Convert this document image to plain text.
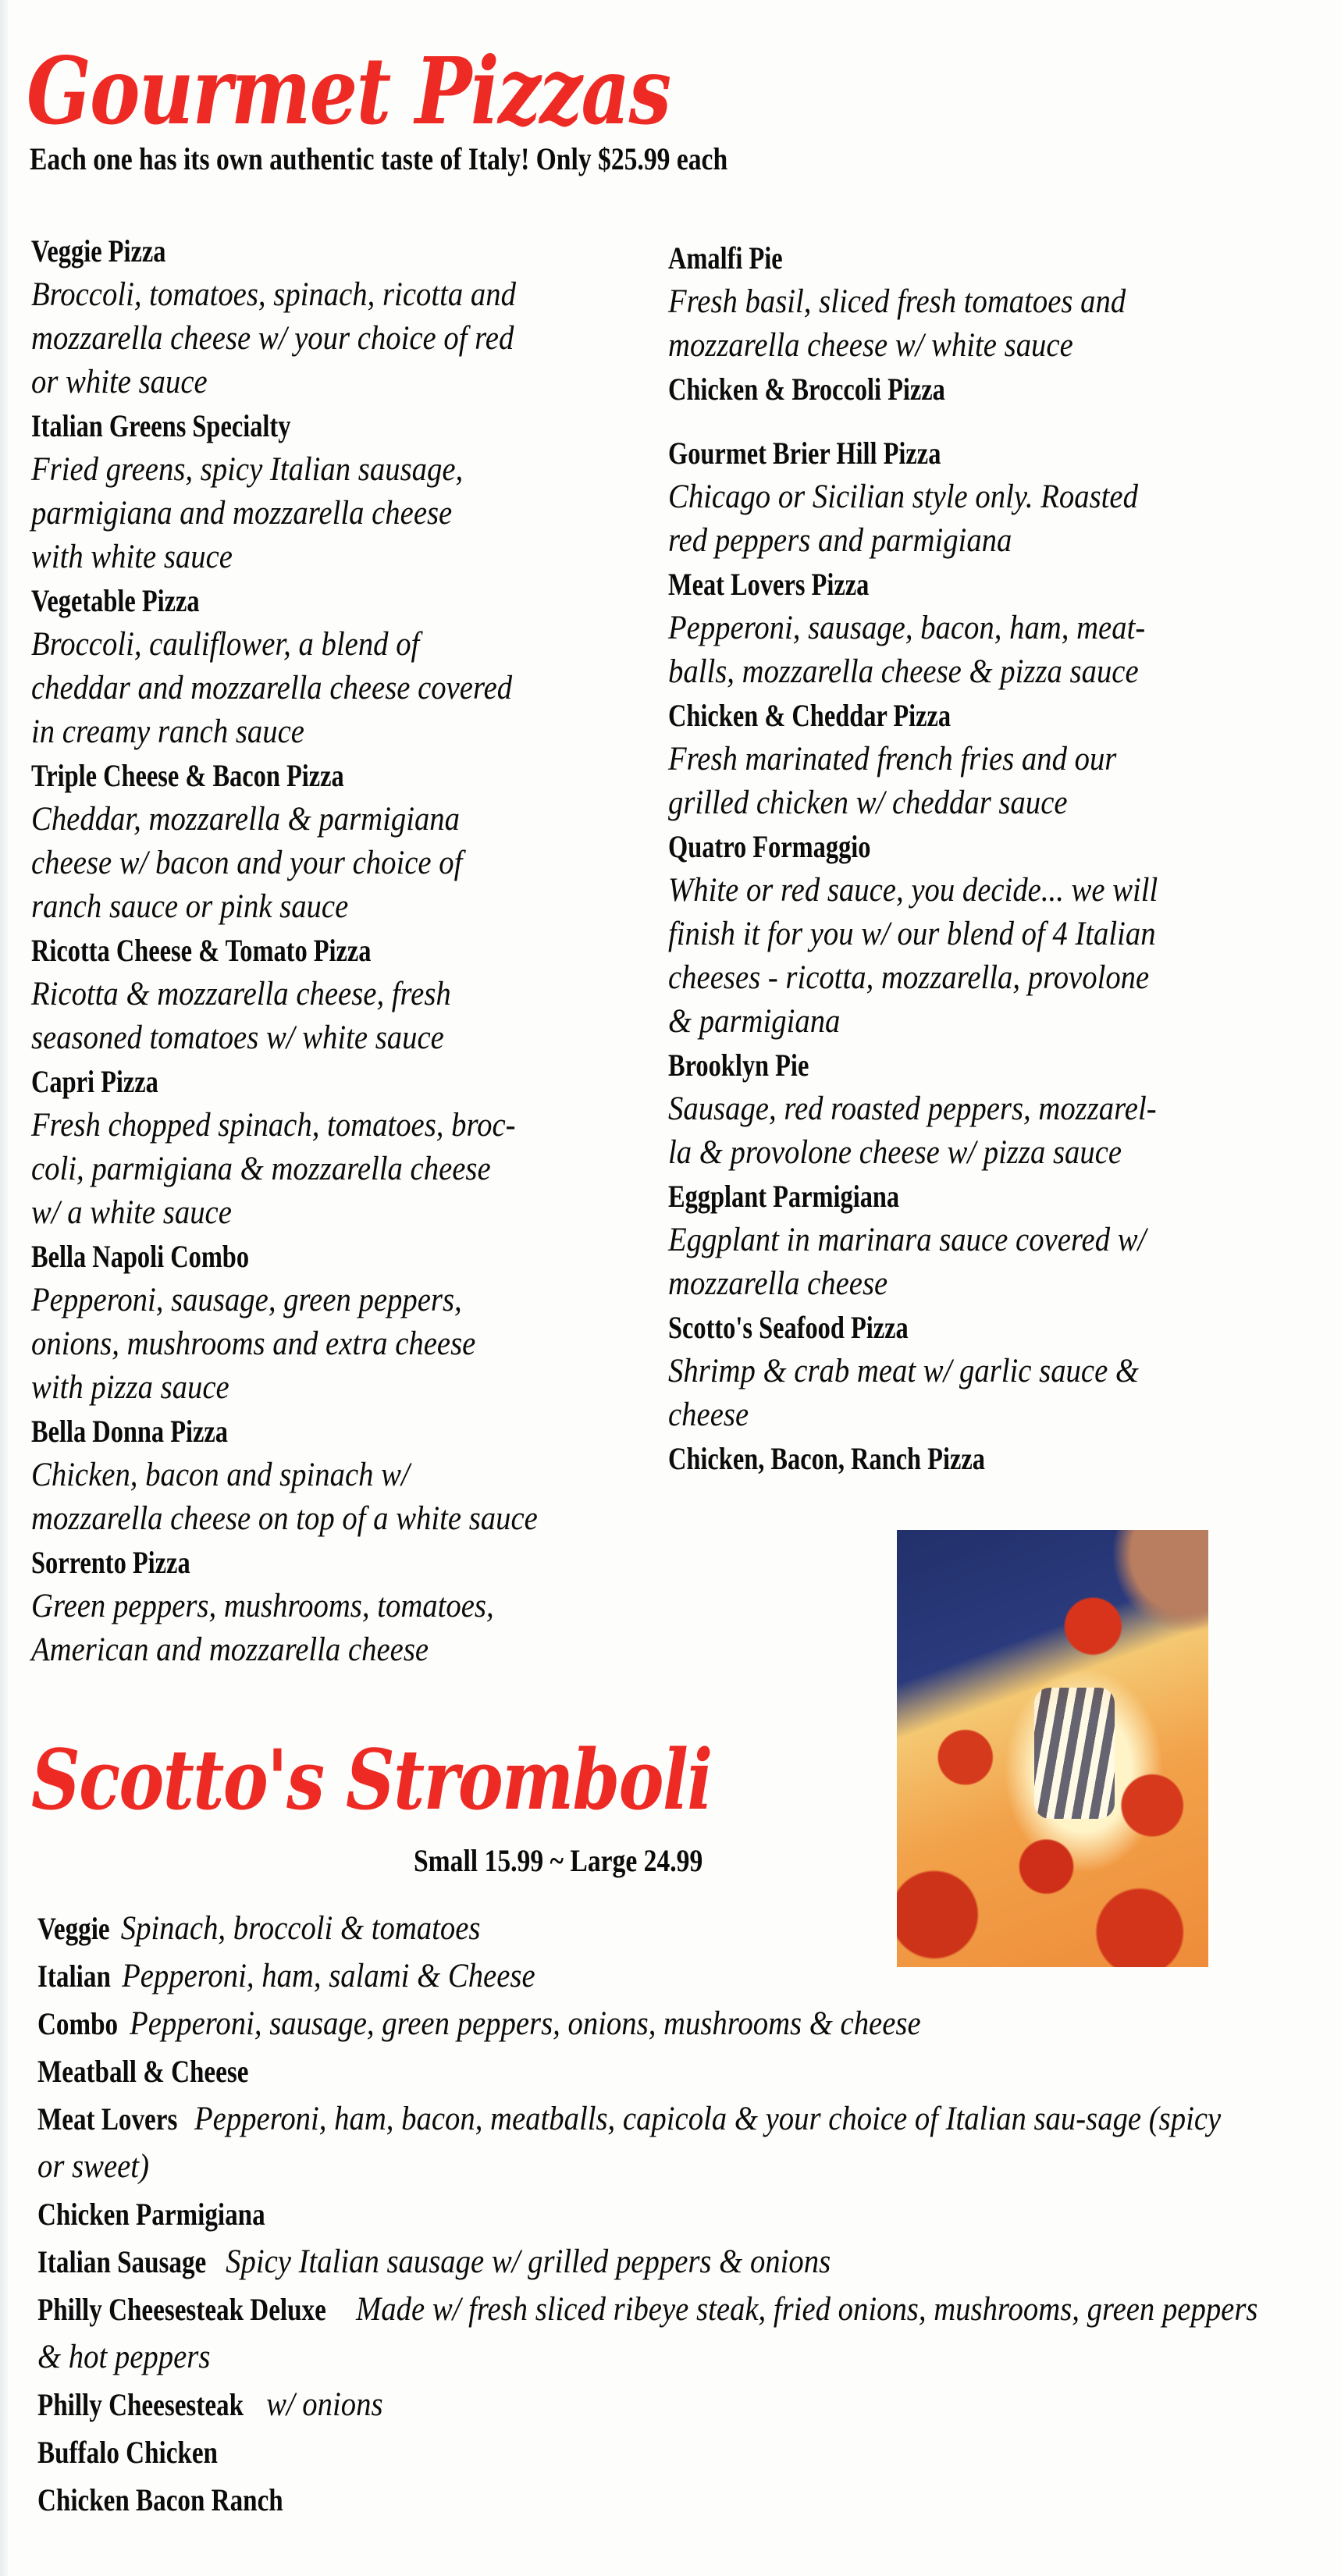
Gourmet Pizzas

Each one has its own authentic taste of Italy! Only $25.99 each

Veggie Pizza

Broccoli, tomatoes, spinach, ricotta and
mozzarella cheese w/ your choice of red
or white sauce

Italian Greens Specialty

Fried greens, spicy Italian sausage,
parmigiana and mozzarella cheese
with white sauce

Vegetable Pizza

Broccoli, cauliflower, a blend of
cheddar and mozzarella cheese covered
in creamy ranch sauce

Triple Cheese & Bacon Pizza

Cheddar, mozzarella & parmigiana
cheese w/ bacon and your choice of
ranch sauce or pink sauce

Ricotta Cheese & Tomato Pizza

Ricotta & mozzarella cheese, fresh
seasoned tomatoes w/ white sauce

Capri Pizza

Fresh chopped spinach, tomatoes, broc-
coli, parmigiana & mozzarella cheese
w/ a white sauce

Bella Napoli Combo

Pepperoni, sausage, green peppers,
onions, mushrooms and extra cheese
with pizza sauce

Bella Donna Pizza

Chicken, bacon and spinach w/
mozzarella cheese on top of a white sauce

Sorrento Pizza

Green peppers, mushrooms, tomatoes,
American and mozzarella cheese

Amalfi Pie

Fresh basil, sliced fresh tomatoes and
mozzarella cheese w/ white sauce

Chicken & Broccoli Pizza

Gourmet Brier Hill Pizza

Chicago or Sicilian style only. Roasted
red peppers and parmigiana

Meat Lovers Pizza

Pepperoni, sausage, bacon, ham, meat-
balls, mozzarella cheese & pizza sauce

Chicken & Cheddar Pizza

Fresh marinated french fries and our
grilled chicken w/ cheddar sauce

Quatro Formaggio

White or red sauce, you decide... we will
finish it for you w/ our blend of 4 Italian
cheeses - ricotta, mozzarella, provolone
& parmigiana

Brooklyn Pie

Sausage, red roasted peppers, mozzarel-
la & provolone cheese w/ pizza sauce

Eggplant Parmigiana

Eggplant in marinara sauce covered w/
mozzarella cheese

Scotto's Seafood Pizza

Shrimp & crab meat w/ garlic sauce &
cheese

Chicken, Bacon, Ranch Pizza

Scotto's Stromboli

Small 15.99 ~ Large 24.99

Veggie Spinach, broccoli & tomatoes

Italian Pepperoni, ham, salami & Cheese

Combo Pepperoni, sausage, green peppers, onions, mushrooms & cheese

Meatball & Cheese

Meat Lovers Pepperoni, ham, bacon, meatballs, capicola & your choice of Italian sau-sage (spicy or sweet)

Chicken Parmigiana

Italian Sausage Spicy Italian sausage w/ grilled peppers & onions

Philly Cheesesteak Deluxe Made w/ fresh sliced ribeye steak, fried onions, mushrooms, green peppers & hot peppers

Philly Cheesesteak w/ onions

Buffalo Chicken

Chicken Bacon Ranch
